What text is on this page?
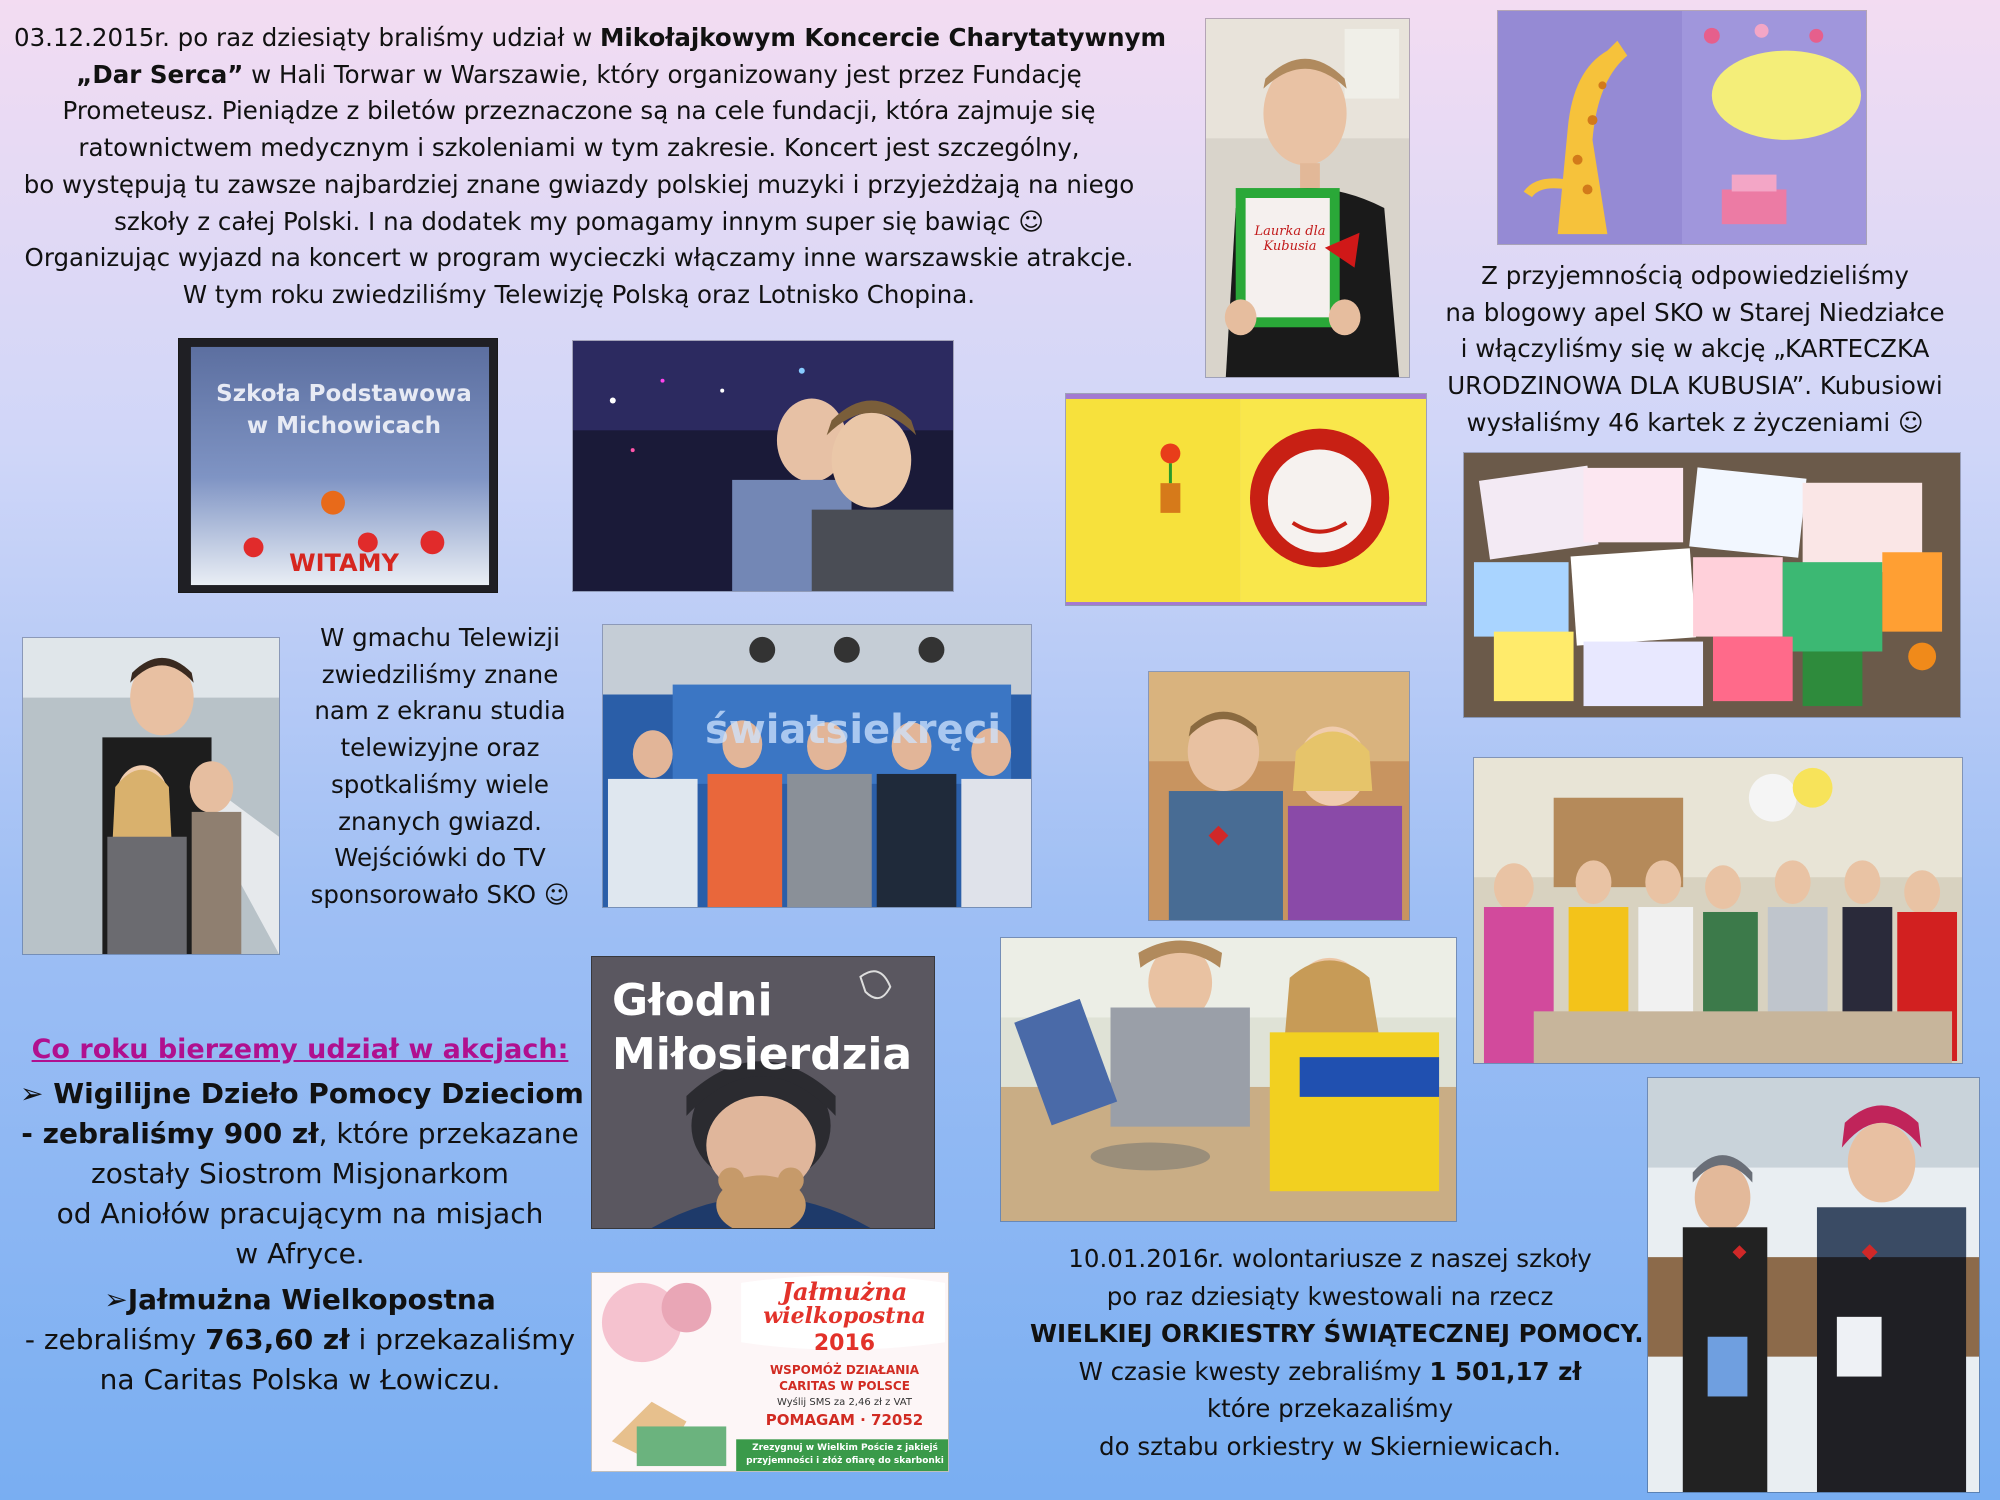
03.12.2015r. po raz dziesiąty braliśmy udział w Mikołajkowym Koncercie Charytatywnym
„Dar Serca” w Hali Torwar w Warszawie, który organizowany jest przez Fundację
Prometeusz. Pieniądze z biletów przeznaczone są na cele fundacji, która zajmuje się
ratownictwem medycznym i szkoleniami w tym zakresie. Koncert jest szczególny,
bo występują tu zawsze najbardziej znane gwiazdy polskiej muzyki i przyjeżdżają na niego
szkoły z całej Polski. I na dodatek my pomagamy innym super się bawiąc ☺
Organizując wyjazd na koncert w program wycieczki włączamy inne warszawskie atrakcje.
W tym roku zwiedziliśmy Telewizję Polską oraz Lotnisko Chopina.
Z przyjemnością odpowiedzieliśmy
na blogowy apel SKO w Starej Niedziałce
i włączyliśmy się w akcję „KARTECZKA
URODZINOWA DLA KUBUSIA”. Kubusiowi
wysłaliśmy 46 kartek z życzeniami ☺
W gmachu Telewizji
zwiedziliśmy znane
nam z ekranu studia
telewizyjne oraz
spotkaliśmy wiele
znanych gwiazd.
Wejściówki do TV
sponsorowało SKO ☺
Co roku bierzemy udział w akcjach:
➢ Wigilijne Dzieło Pomocy Dzieciom
- zebraliśmy 900 zł, które przekazane
zostały Siostrom Misjonarkom
od Aniołów pracującym na misjach
w Afryce.
➢Jałmużna Wielkopostna
- zebraliśmy 763,60 zł i przekazaliśmy
na Caritas Polska w Łowiczu.
10.01.2016r. wolontariusze z naszej szkoły
po raz dziesiąty kwestowali na rzecz
WIELKIEJ ORKIESTRY ŚWIĄTECZNEJ POMOCY.
W czasie kwesty zebraliśmy 1 501,17 zł
które przekazaliśmy
do sztabu orkiestry w Skierniewicach.
Laurka dla Kubusia
Szkoła Podstawowa
w Michowicach
WITAMY
światsiekręci
Głodni
Miłosierdzia
Jałmużna
wielkopostna
2016
WSPOMÓŻ DZIAŁANIA
CARITAS W POLSCE
Wyślij SMS za 2,46 zł z VAT
POMAGAM · 72052
Zrezygnuj w Wielkim Poście z jakiejś
przyjemności i złóż ofiarę do skarbonki
